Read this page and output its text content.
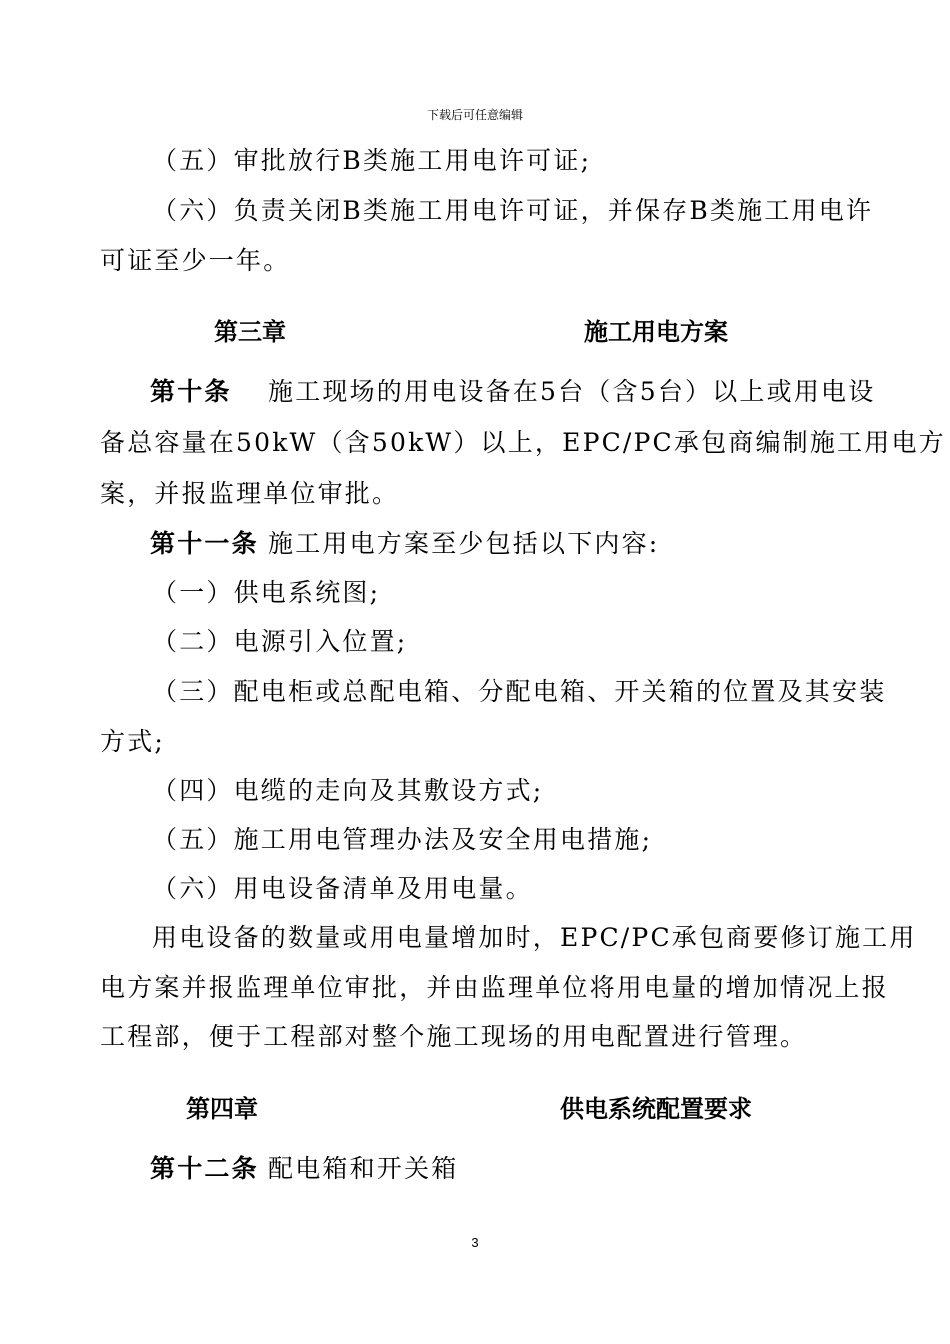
下载后可任意编辑
（五）审批放行B类施工用电许可证;
（六）负责关闭B类施工用电许可证，并保存B类施工用电许
可证至少一年。
第三章	施工用电方案
第十条 施工现场的用电设备在5台（含5台）以上或用电设
备总容量在50kW（含50kW）以上，EPC/PC承包商编制施工用电方
案，并报监理单位审批。
第十一条 施工用电方案至少包括以下内容:
（一）供电系统图;
（二）电源引入位置;
（三）配电柜或总配电箱、分配电箱、开关箱的位置及其安装
方式;
（四）电缆的走向及其敷设方式;
（五）施工用电管理办法及安全用电措施;
（六）用电设备清单及用电量。
用电设备的数量或用电量增加时，EPC/PC承包商要修订施工用
电方案并报监理单位审批，并由监理单位将用电量的增加情况上报
工程部，便于工程部对整个施工现场的用电配置进行管理。
第四章	供电系统配置要求
第十二条 配电箱和开关箱
3
